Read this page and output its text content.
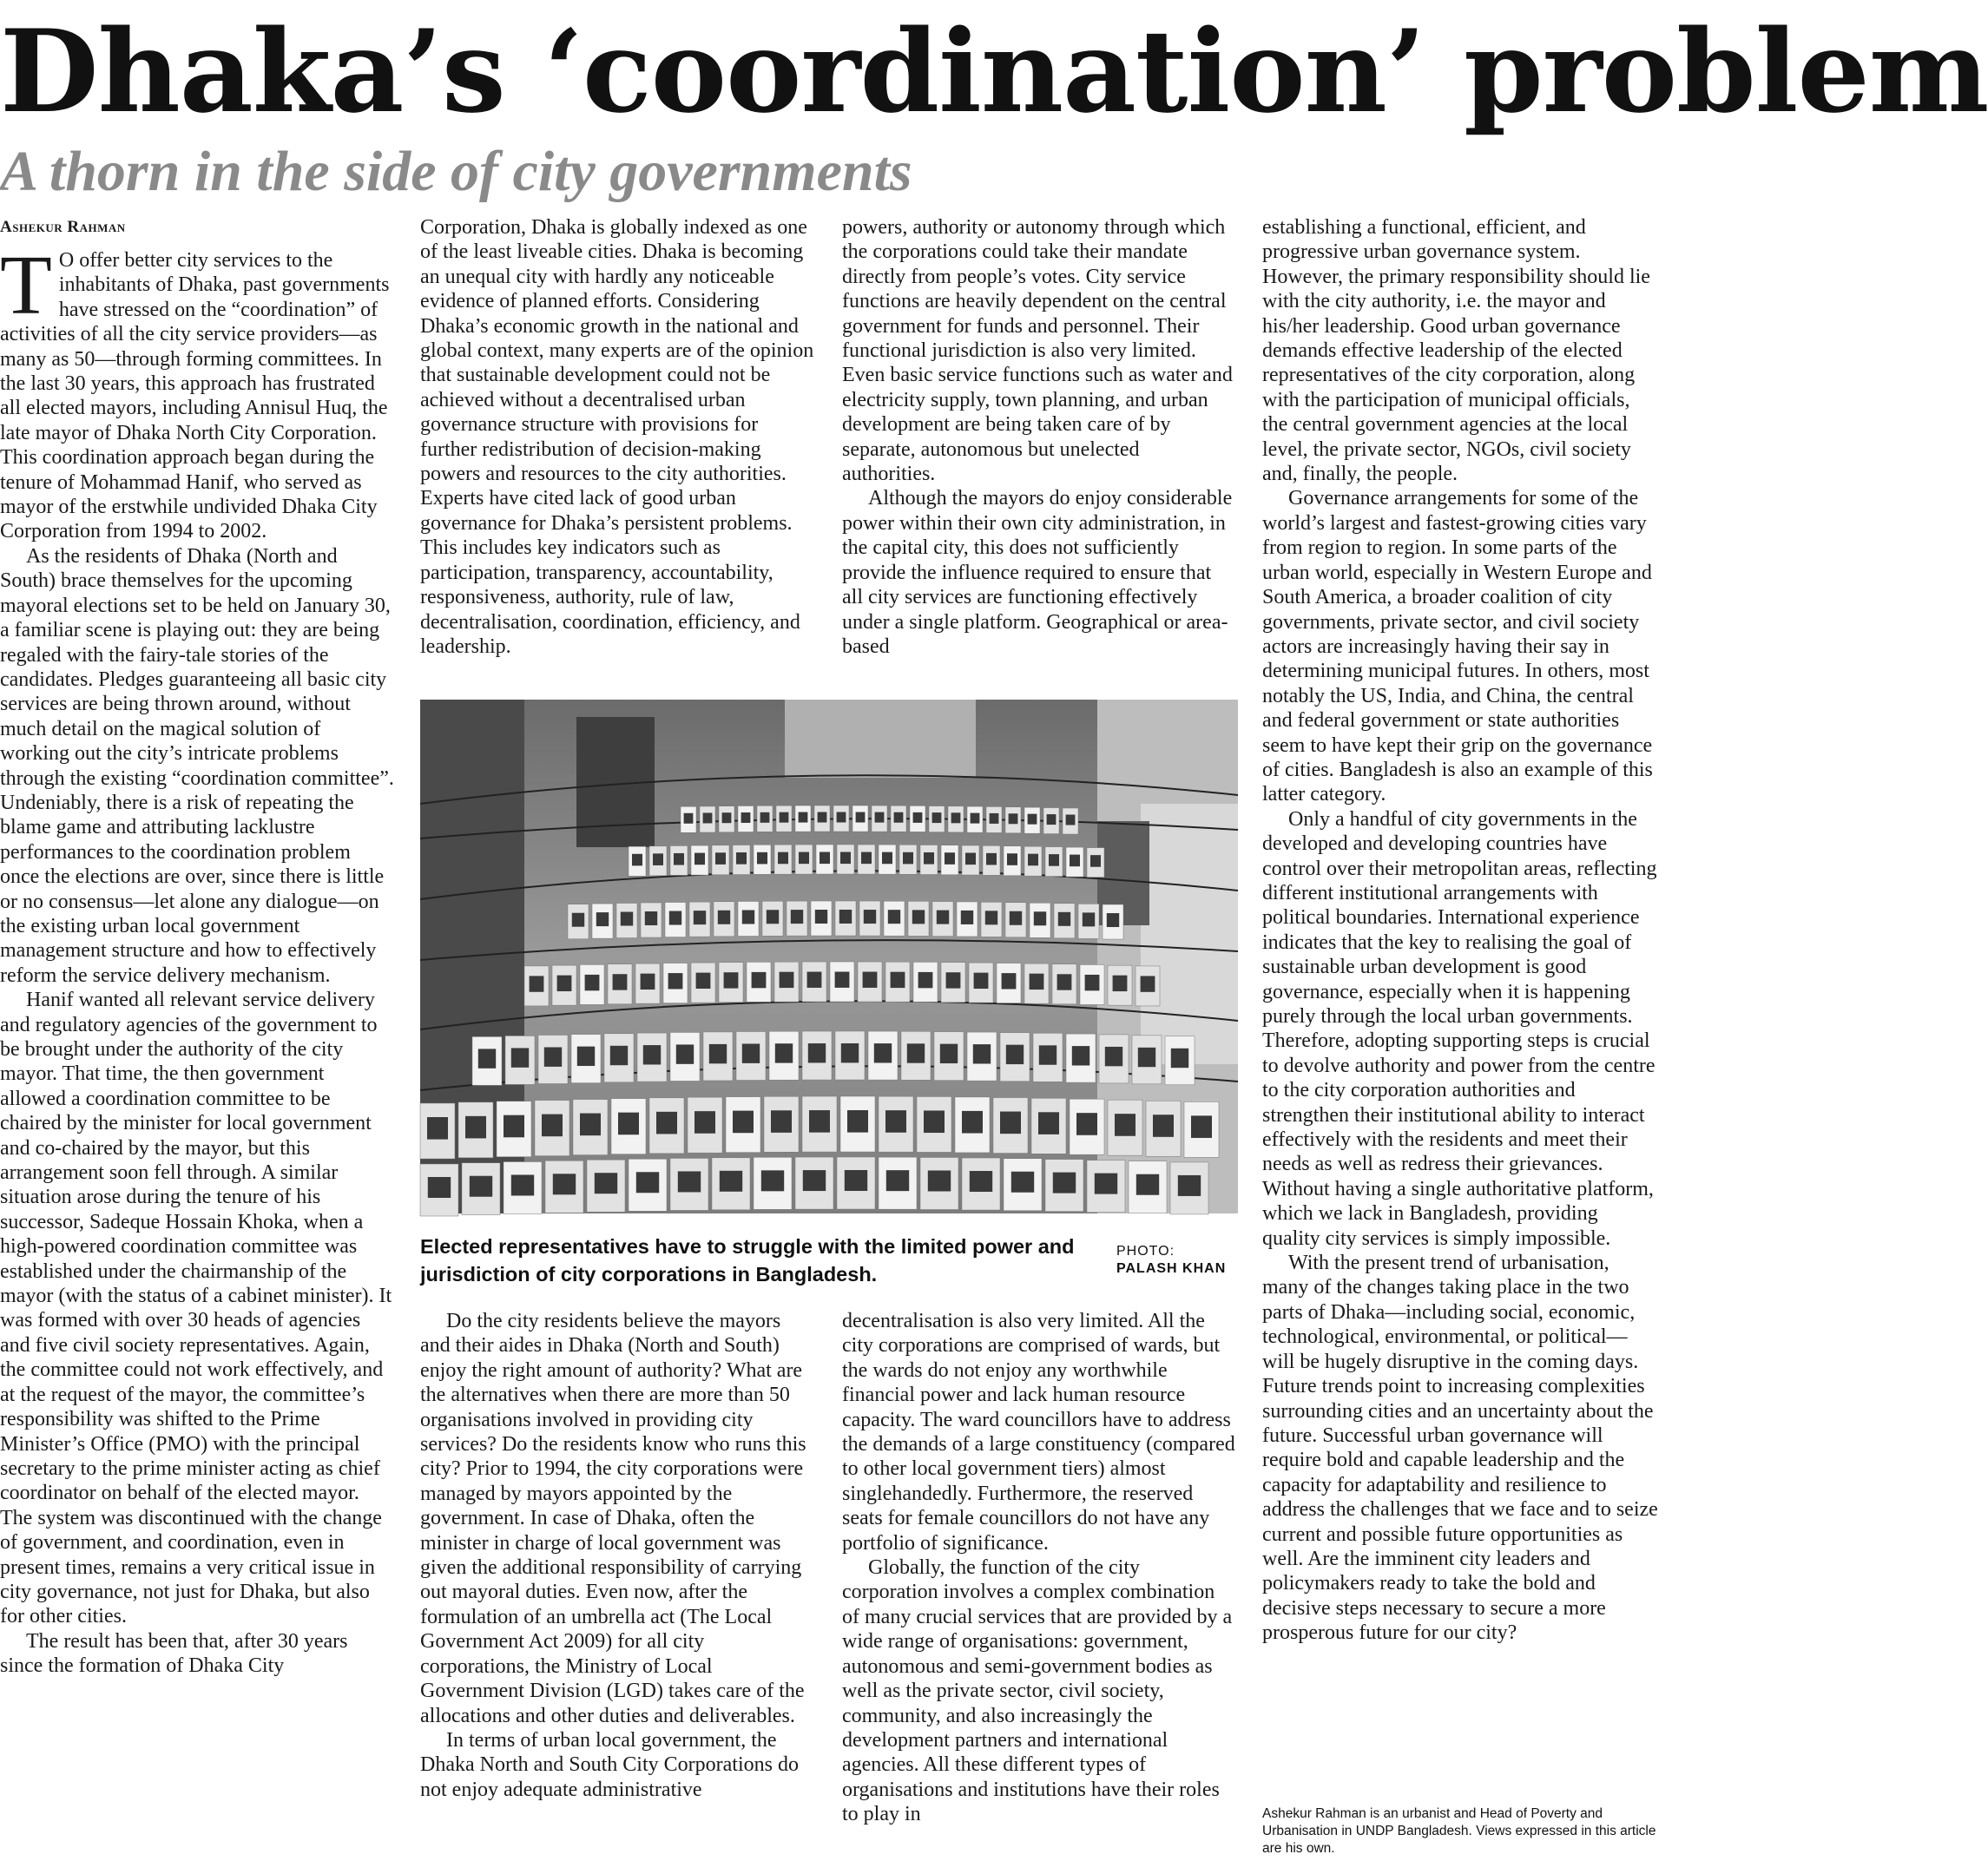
Dhaka’s ‘coordination’ problem
A thorn in the side of city governments
Ashekur Rahman

T O offer better city services to the inhabitants of Dhaka, past governments have stressed on the “coordination” of activities of all the city service providers—as many as 50—through forming committees. In the last 30 years, this approach has frustrated all elected mayors, including Annisul Huq, the late mayor of Dhaka North City Corporation. This coordination approach began during the tenure of Mohammad Hanif, who served as mayor of the erstwhile undivided Dhaka City Corporation from 1994 to 2002.

As the residents of Dhaka (North and South) brace themselves for the upcoming mayoral elections set to be held on January 30, a familiar scene is playing out: they are being regaled with the fairy-tale stories of the candidates. Pledges guaranteeing all basic city services are being thrown around, without much detail on the magical solution of working out the city’s intricate problems through the existing “coordination committee”. Undeniably, there is a risk of repeating the blame game and attributing lacklustre performances to the coordination problem once the elections are over, since there is little or no consensus—let alone any dialogue—on the existing urban local government management structure and how to effectively reform the service delivery mechanism.

Hanif wanted all relevant service delivery and regulatory agencies of the government to be brought under the authority of the city mayor. That time, the then government allowed a coordination committee to be chaired by the minister for local government and co-chaired by the mayor, but this arrangement soon fell through. A similar situation arose during the tenure of his successor, Sadeque Hossain Khoka, when a high-powered coordination committee was established under the chairmanship of the mayor (with the status of a cabinet minister). It was formed with over 30 heads of agencies and five civil society representatives. Again, the committee could not work effectively, and at the request of the mayor, the committee’s responsibility was shifted to the Prime Minister’s Office (PMO) with the principal secretary to the prime minister acting as chief coordinator on behalf of the elected mayor. The system was discontinued with the change of government, and coordination, even in present times, remains a very critical issue in city governance, not just for Dhaka, but also for other cities.

The result has been that, after 30 years since the formation of Dhaka City

Corporation, Dhaka is globally indexed as one of the least liveable cities. Dhaka is becoming an unequal city with hardly any noticeable evidence of planned efforts. Considering Dhaka’s economic growth in the national and global context, many experts are of the opinion that sustainable development could not be achieved without a decentralised urban governance structure with provisions for further redistribution of decision-making powers and resources to the city authorities. Experts have cited lack of good urban governance for Dhaka’s persistent problems. This includes key indicators such as participation, transparency, accountability, responsiveness, authority, rule of law, decentralisation, coordination, efficiency, and leadership.

powers, authority or autonomy through which the corporations could take their mandate directly from people’s votes. City service functions are heavily dependent on the central government for funds and personnel. Their functional jurisdiction is also very limited. Even basic service functions such as water and electricity supply, town planning, and urban development are being taken care of by separate, autonomous but unelected authorities.

Although the mayors do enjoy considerable power within their own city administration, in the capital city, this does not sufficiently provide the influence required to ensure that all city services are functioning effectively under a single platform. Geographical or area-based

establishing a functional, efficient, and progressive urban governance system. However, the primary responsibility should lie with the city authority, i.e. the mayor and his/her leadership. Good urban governance demands effective leadership of the elected representatives of the city corporation, along with the participation of municipal officials, the central government agencies at the local level, the private sector, NGOs, civil society and, finally, the people.

Governance arrangements for some of the world’s largest and fastest-growing cities vary from region to region. In some parts of the urban world, especially in Western Europe and South America, a broader coalition of city governments, private sector, and civil society actors are increasingly having their say in determining municipal futures. In others, most notably the US, India, and China, the central and federal government or state authorities seem to have kept their grip on the governance of cities. Bangladesh is also an example of this latter category.

Only a handful of city governments in the developed and developing countries have control over their metropolitan areas, reflecting different institutional arrangements with political boundaries. International experience indicates that the key to realising the goal of sustainable urban development is good governance, especially when it is happening purely through the local urban governments. Therefore, adopting supporting steps is crucial to devolve authority and power from the centre to the city corporation authorities and strengthen their institutional ability to interact effectively with the residents and meet their needs as well as redress their grievances. Without having a single authoritative platform, which we lack in Bangladesh, providing quality city services is simply impossible.

With the present trend of urbanisation, many of the changes taking place in the two parts of Dhaka—including social, economic, technological, environmental, or political—will be hugely disruptive in the coming days. Future trends point to increasing complexities surrounding cities and an uncertainty about the future. Successful urban governance will require bold and capable leadership and the capacity for adaptability and resilience to address the challenges that we face and to seize current and possible future opportunities as well. Are the imminent city leaders and policymakers ready to take the bold and decisive steps necessary to secure a more prosperous future for our city?

Elected representatives have to struggle with the limited power and jurisdiction of city corporations in Bangladesh.
PHOTO:
PALASH KHAN

Do the city residents believe the mayors and their aides in Dhaka (North and South) enjoy the right amount of authority? What are the alternatives when there are more than 50 organisations involved in providing city services? Do the residents know who runs this city? Prior to 1994, the city corporations were managed by mayors appointed by the government. In case of Dhaka, often the minister in charge of local government was given the additional responsibility of carrying out mayoral duties. Even now, after the formulation of an umbrella act (The Local Government Act 2009) for all city corporations, the Ministry of Local Government Division (LGD) takes care of the allocations and other duties and deliverables.

In terms of urban local government, the Dhaka North and South City Corporations do not enjoy adequate administrative

decentralisation is also very limited. All the city corporations are comprised of wards, but the wards do not enjoy any worthwhile financial power and lack human resource capacity. The ward councillors have to address the demands of a large constituency (compared to other local government tiers) almost singlehandedly. Furthermore, the reserved seats for female councillors do not have any portfolio of significance.

Globally, the function of the city corporation involves a complex combination of many crucial services that are provided by a wide range of organisations: government, autonomous and semi-government bodies as well as the private sector, civil society, community, and also increasingly the development partners and international agencies. All these different types of organisations and institutions have their roles to play in	Ashekur Rahman is an urbanist and Head of Poverty and Urbanisation in UNDP Bangladesh. Views expressed in this article are his own.
